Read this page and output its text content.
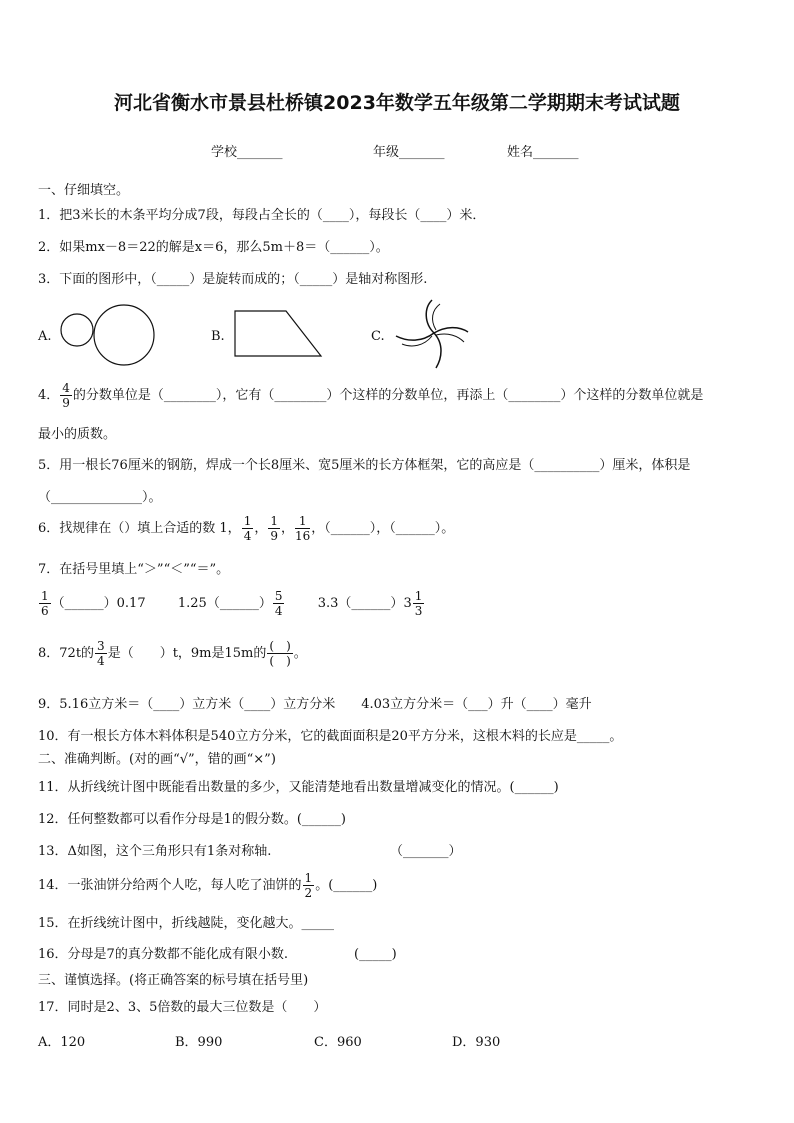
河北省衡水市景县杜桥镇2023年数学五年级第二学期期末考试试题
学校_______	年级_______	姓名_______
一、仔细填空。
1．把3米长的木条平均分成7段，每段占全长的（____），每段长（____）米．
2．如果mx－8＝22的解是x＝6，那么5m＋8＝（______）。
3．下面的图形中，（_____）是旋转而成的；（_____）是轴对称图形.
A.	B.	C.
4． $\frac{4}{9}$ 的分数单位是（________），它有（________）个这样的分数单位，再添上（________）个这样的分数单位就是
最小的质数。
5．用一根长76厘米的钢筋，焊成一个长8厘米、宽5厘米的长方体框架，它的高应是（__________）厘米，体积是
（______________）。
6．找规律在（）填上合适的数 1， $\frac{1}{4}$ ， $\frac{1}{9}$ ， $\frac{1}{16}$ ，（______），（______）。
7．在括号里填上“＞”“＜”“＝”。
$\frac{1}{6}$ （______）0.17 1.25（______） $\frac{5}{4}$	3.3（______）3 $\frac{1}{3}$
8．72t的 $\frac{3}{4}$ 是（　　）t，9m是15m的 $\frac{( )}{( )}$ 。
9．5.16立方米＝（____）立方米（____）立方分米　　4.03立方分米＝（___）升（____）毫升
10．有一根长方体木料体积是540立方分米，它的截面面积是20平方分米，这根木料的长应是_____。
二、准确判断。(对的画“√”，错的画“×”)
11．从折线统计图中既能看出数量的多少，又能清楚地看出数量增减变化的情况。(______)
12．任何整数都可以看作分母是1的假分数。(______)
13．Δ如图，这个三角形只有1条对称轴.	（_______）
14．一张油饼分给两个人吃，每人吃了油饼的 $\frac{1}{2}$ 。(______)
15．在折线统计图中，折线越陡，变化越大。_____
16．分母是7的真分数都不能化成有限小数.	(_____)
三、谨慎选择。(将正确答案的标号填在括号里)
17．同时是2、3、5倍数的最大三位数是（　　）
A．120	B．990	C．960	D．930
